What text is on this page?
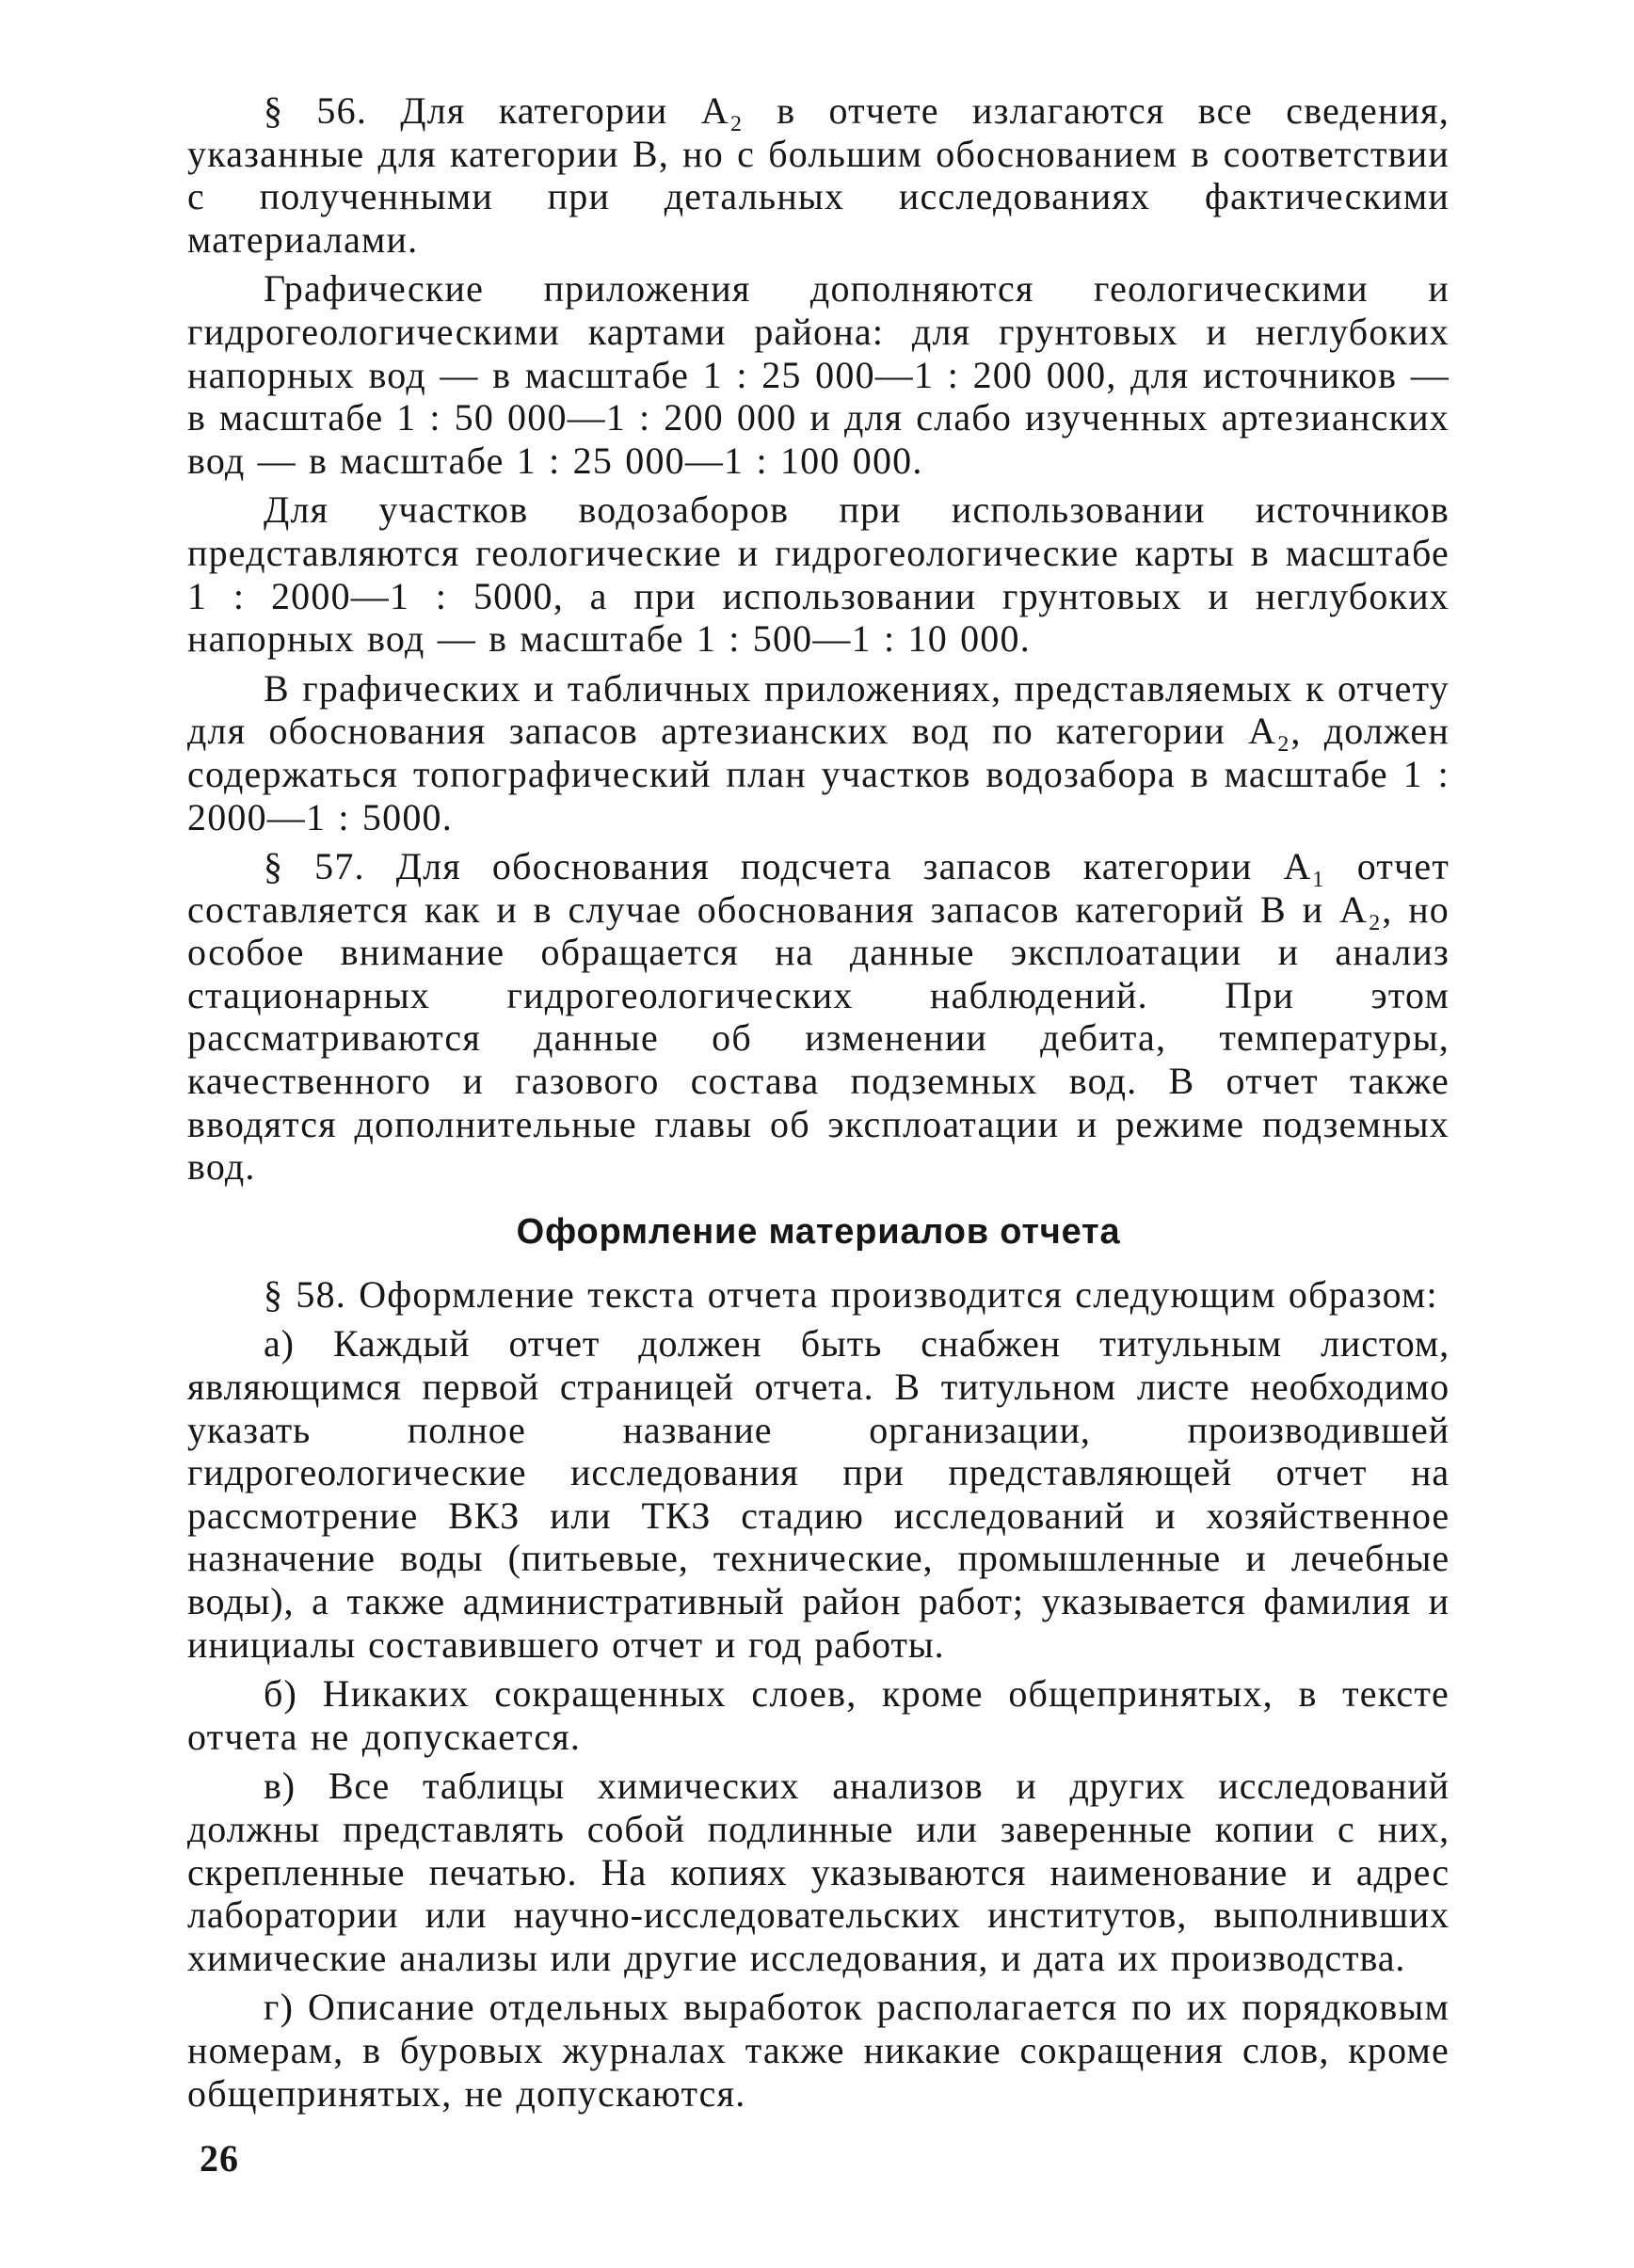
§ 56. Для категории А₂ в отчете излагаются все сведения, указанные для категории В, но с большим обоснованием в соответствии с полученными при детальных исследованиях фактическими материалами.

Графические приложения дополняются геологическими и гидрогеологическими картами района: для грунтовых и неглубоких напорных вод — в масштабе 1 : 25 000—1 : 200 000, для источников — в масштабе 1 : 50 000—1 : 200 000 и для слабо изученных артезианских вод — в масштабе 1 : 25 000—1 : 100 000.

Для участков водозаборов при использовании источников представляются геологические и гидрогеологические карты в масштабе 1 : 2000—1 : 5000, а при использовании грунтовых и неглубоких напорных вод — в масштабе 1 : 500—1 : 10 000.

В графических и табличных приложениях, представляемых к отчету для обоснования запасов артезианских вод по категории А₂, должен содержаться топографический план участков водозабора в масштабе 1 : 2000—1 : 5000.

§ 57. Для обоснования подсчета запасов категории А₁ отчет составляется как и в случае обоснования запасов категорий В и А₂, но особое внимание обращается на данные эксплоатации и анализ стационарных гидрогеологических наблюдений. При этом рассматриваются данные об изменении дебита, температуры, качественного и газового состава подземных вод. В отчет также вводятся дополнительные главы об эксплоатации и режиме подземных вод.

Оформление материалов отчета

§ 58. Оформление текста отчета производится следующим образом:

а) Каждый отчет должен быть снабжен титульным листом, являющимся первой страницей отчета. В титульном листе необходимо указать полное название организации, производившей гидрогеологические исследования при представляющей отчет на рассмотрение ВКЗ или ТКЗ стадию исследований и хозяйственное назначение воды (питьевые, технические, промышленные и лечебные воды), а также административный район работ; указывается фамилия и инициалы составившего отчет и год работы.

б) Никаких сокращенных слоев, кроме общепринятых, в тексте отчета не допускается.

в) Все таблицы химических анализов и других исследований должны представлять собой подлинные или заверенные копии с них, скрепленные печатью. На копиях указываются наименование и адрес лаборатории или научно-исследовательских институтов, выполнивших химические анализы или другие исследования, и дата их производства.

г) Описание отдельных выработок располагается по их порядковым номерам, в буровых журналах также никакие сокращения слов, кроме общепринятых, не допускаются.

26
